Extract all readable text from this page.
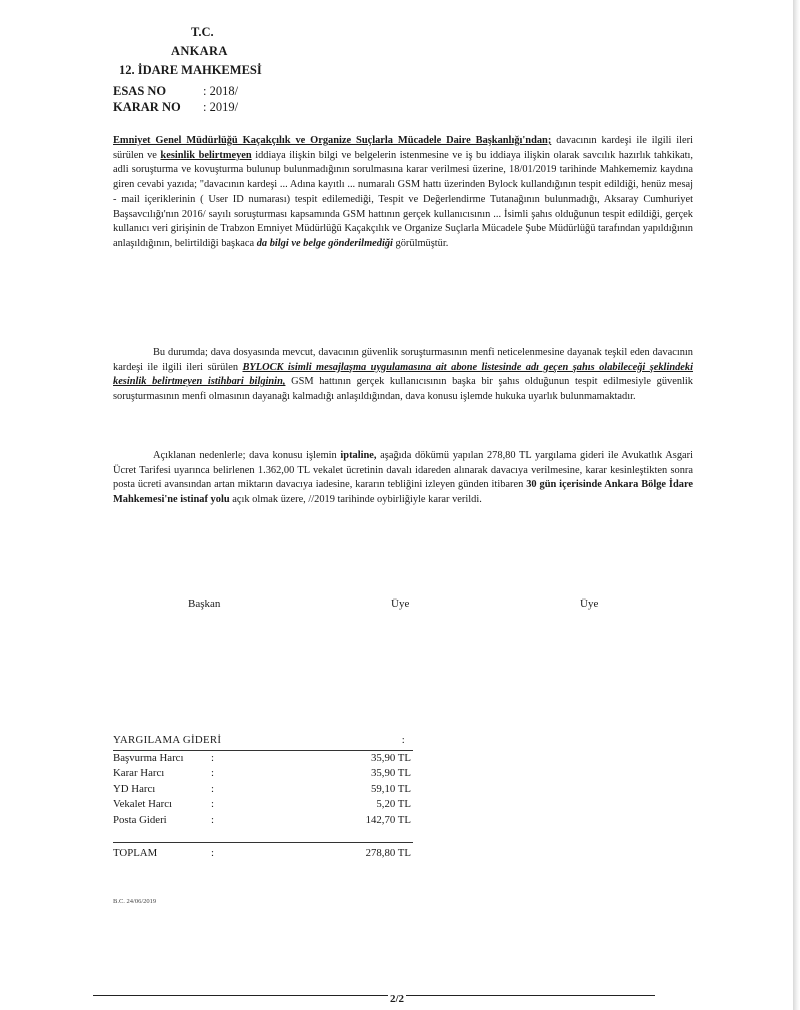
T.C.
ANKARA
12. İDARE MAHKEMESİ
ESAS NO	: 2018/
KARAR NO : 2019/
Emniyet Genel Müdürlüğü Kaçakçılık ve Organize Suçlarla Mücadele Daire Başkanlığı'ndan; davacının kardeşi ile ilgili ileri sürülen ve kesinlik belirtmeyen iddiaya ilişkin bilgi ve belgelerin istenmesine ve iş bu iddiaya ilişkin olarak savcılık hazırlık tahkikatı, adli soruşturma ve kovuşturma bulunup bulunmadığının sorulmasına karar verilmesi üzerine, 18/01/2019 tarihinde Mahkememiz kaydına giren cevabi yazıda; "davacının kardeşi ... Adına kayıtlı ... numaralı GSM hattı üzerinden Bylock kullandığının tespit edildiği, henüz mesaj - mail içeriklerinin ( User ID numarası) tespit edilemediği, Tespit ve Değerlendirme Tutanağının bulunmadığı, Aksaray Cumhuriyet Başsavcılığı'nın 2016/ sayılı soruşturması kapsamında GSM hattının gerçek kullanıcısının ... İsimli şahıs olduğunun tespit edildiği, gerçek kullanıcı veri girişinin de Trabzon Emniyet Müdürlüğü Kaçakçılık ve Organize Suçlarla Mücadele Şube Müdürlüğü tarafından yapıldığının anlaşıldığının, belirtildiği başkaca da bilgi ve belge gönderilmediği görülmüştür.
Bu durumda; dava dosyasında mevcut, davacının güvenlik soruşturmasının menfi neticelenmesine dayanak teşkil eden davacının kardeşi ile ilgili ileri sürülen BYLOCK isimli mesajlaşma uygulamasına ait abone listesinde adı geçen şahıs olabileceği şeklindeki kesinlik belirtmeyen istihbari bilginin, GSM hattının gerçek kullanıcısının başka bir şahıs olduğunun tespit edilmesiyle güvenlik soruşturmasının menfi olmasının dayanağı kalmadığı anlaşıldığından, dava konusu işlemde hukuka uyarlık bulunmamaktadır.
Açıklanan nedenlerle; dava konusu işlemin iptaline, aşağıda dökümü yapılan 278,80 TL yargılama gideri ile Avukatlık Asgari Ücret Tarifesi uyarınca belirlenen 1.362,00 TL vekalet ücretinin davalı idareden alınarak davacıya verilmesine, karar kesinleştikten sonra posta ücreti avansından artan miktarın davacıya iadesine, kararın tebliğini izleyen günden itibaren 30 gün içerisinde Ankara Bölge İdare Mahkemesi'ne istinaf yolu açık olmak üzere, //2019 tarihinde oybirliğiyle karar verildi.
Başkan	Üye	Üye
YARGILAMA GİDERİ	:
Başvurma Harcı	:	35,90 TL
Karar Harcı	:	35,90 TL
YD Harcı	:	59,10 TL
Vekalet Harcı	:	5,20 TL
Posta Gideri	:	142,70 TL
TOPLAM	:	278,80 TL
B.C. 24/06/2019
2/2
